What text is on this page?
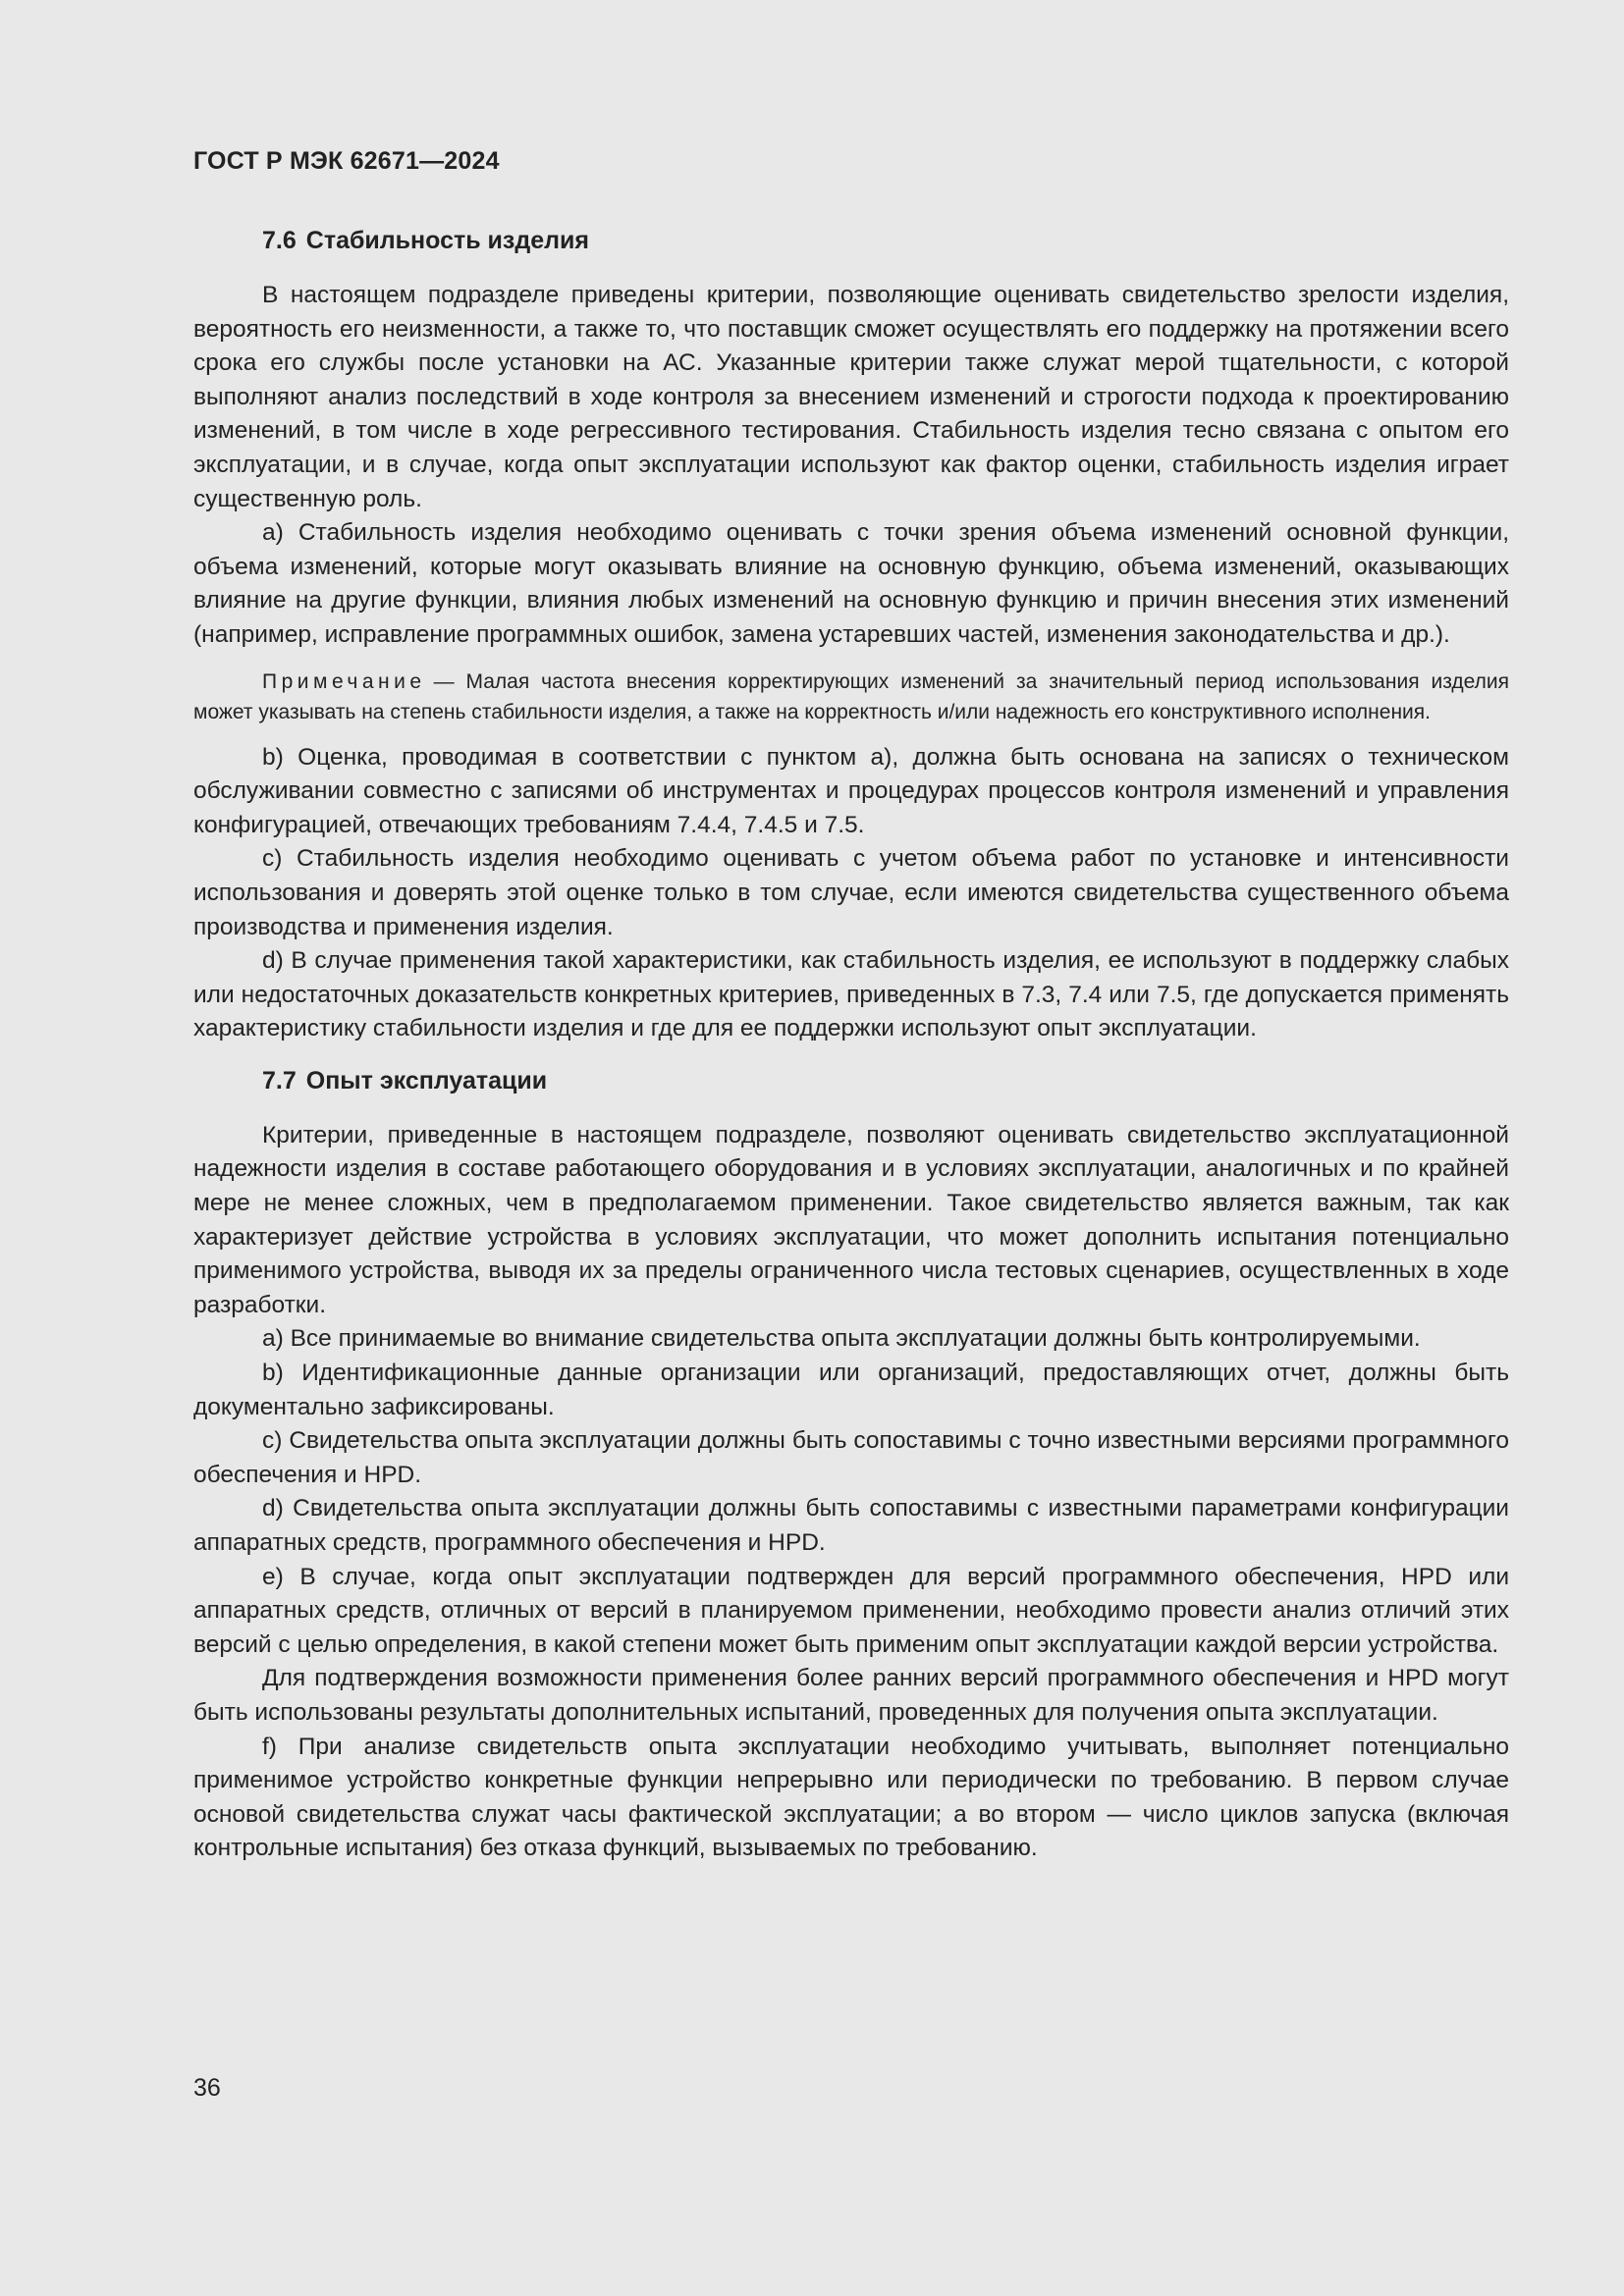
ГОСТ Р МЭК 62671—2024

7.6 Стабильность изделия

В настоящем подразделе приведены критерии, позволяющие оценивать свидетельство зрелости изделия, вероятность его неизменности, а также то, что поставщик сможет осуществлять его поддержку на протяжении всего срока его службы после установки на АС. Указанные критерии также служат мерой тщательности, с которой выполняют анализ последствий в ходе контроля за внесением изменений и строгости подхода к проектированию изменений, в том числе в ходе регрессивного тестирования. Стабильность изделия тесно связана с опытом его эксплуатации, и в случае, когда опыт эксплуатации используют как фактор оценки, стабильность изделия играет существенную роль.

а) Стабильность изделия необходимо оценивать с точки зрения объема изменений основной функции, объема изменений, которые могут оказывать влияние на основную функцию, объема изменений, оказывающих влияние на другие функции, влияния любых изменений на основную функцию и причин внесения этих изменений (например, исправление программных ошибок, замена устаревших частей, изменения законодательства и др.).

Примечание — Малая частота внесения корректирующих изменений за значительный период использования изделия может указывать на степень стабильности изделия, а также на корректность и/или надежность его конструктивного исполнения.

b) Оценка, проводимая в соответствии с пунктом а), должна быть основана на записях о техническом обслуживании совместно с записями об инструментах и процедурах процессов контроля изменений и управления конфигурацией, отвечающих требованиям 7.4.4, 7.4.5 и 7.5.

c) Стабильность изделия необходимо оценивать с учетом объема работ по установке и интенсивности использования и доверять этой оценке только в том случае, если имеются свидетельства существенного объема производства и применения изделия.

d) В случае применения такой характеристики, как стабильность изделия, ее используют в поддержку слабых или недостаточных доказательств конкретных критериев, приведенных в 7.3, 7.4 или 7.5, где допускается применять характеристику стабильности изделия и где для ее поддержки используют опыт эксплуатации.

7.7 Опыт эксплуатации

Критерии, приведенные в настоящем подразделе, позволяют оценивать свидетельство эксплуатационной надежности изделия в составе работающего оборудования и в условиях эксплуатации, аналогичных и по крайней мере не менее сложных, чем в предполагаемом применении. Такое свидетельство является важным, так как характеризует действие устройства в условиях эксплуатации, что может дополнить испытания потенциально применимого устройства, выводя их за пределы ограниченного числа тестовых сценариев, осуществленных в ходе разработки.

а) Все принимаемые во внимание свидетельства опыта эксплуатации должны быть контролируемыми.

b) Идентификационные данные организации или организаций, предоставляющих отчет, должны быть документально зафиксированы.

c) Свидетельства опыта эксплуатации должны быть сопоставимы с точно известными версиями программного обеспечения и HPD.

d) Свидетельства опыта эксплуатации должны быть сопоставимы с известными параметрами конфигурации аппаратных средств, программного обеспечения и HPD.

e) В случае, когда опыт эксплуатации подтвержден для версий программного обеспечения, HPD или аппаратных средств, отличных от версий в планируемом применении, необходимо провести анализ отличий этих версий с целью определения, в какой степени может быть применим опыт эксплуатации каждой версии устройства.

Для подтверждения возможности применения более ранних версий программного обеспечения и HPD могут быть использованы результаты дополнительных испытаний, проведенных для получения опыта эксплуатации.

f) При анализе свидетельств опыта эксплуатации необходимо учитывать, выполняет потенциально применимое устройство конкретные функции непрерывно или периодически по требованию. В первом случае основой свидетельства служат часы фактической эксплуатации; а во втором — число циклов запуска (включая контрольные испытания) без отказа функций, вызываемых по требованию.

36
